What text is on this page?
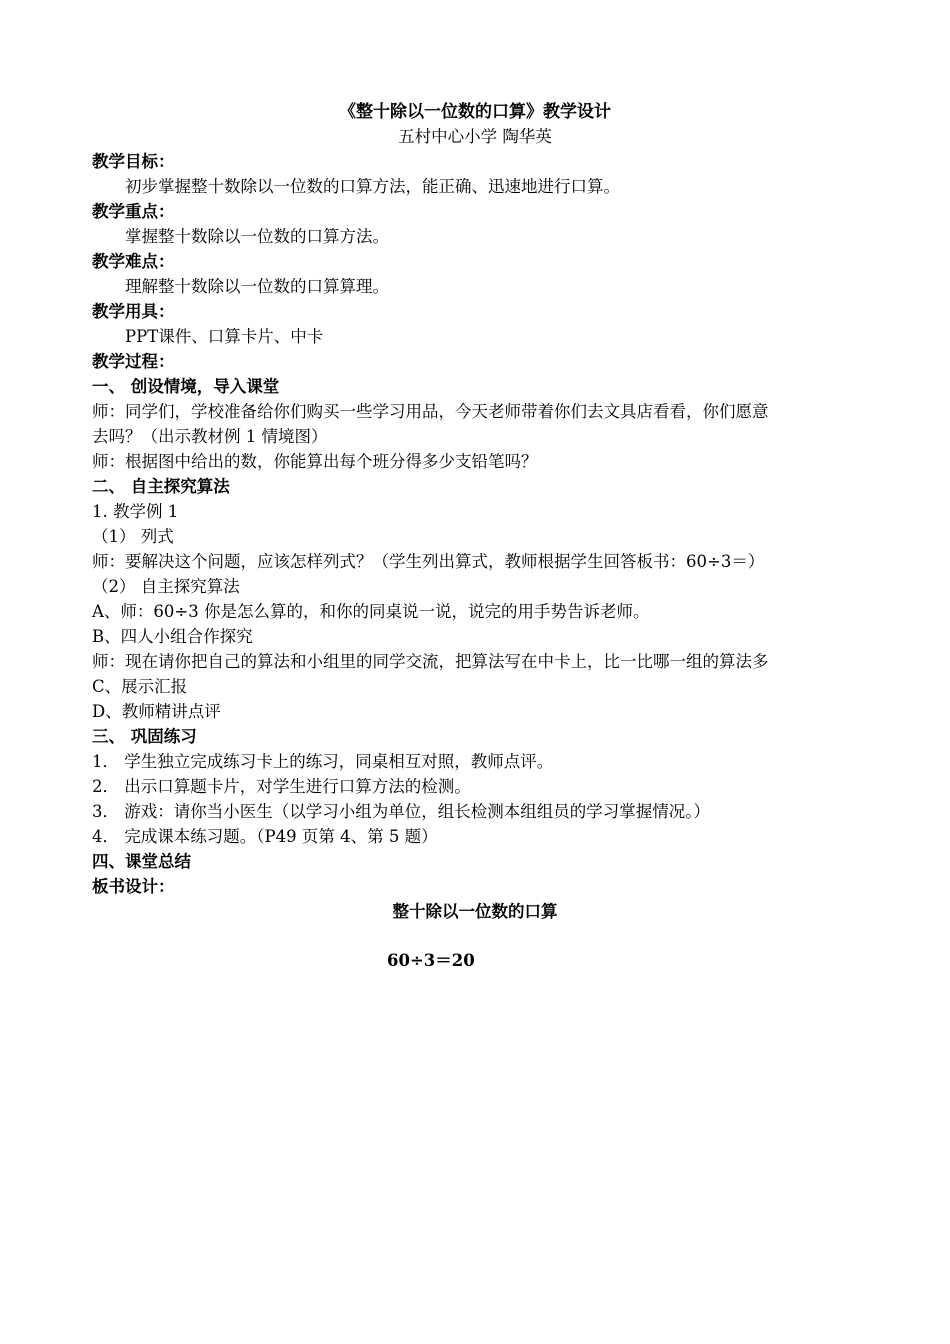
《整十除以一位数的口算》教学设计
五村中心小学 陶华英
教学目标：
初步掌握整十数除以一位数的口算方法，能正确、迅速地进行口算。
教学重点：
掌握整十数除以一位数的口算方法。
教学难点：
理解整十数除以一位数的口算算理。
教学用具：
PPT课件、口算卡片、中卡
教学过程：
一、 创设情境，导入课堂
师：同学们，学校准备给你们购买一些学习用品，今天老师带着你们去文具店看看，你们愿意
去吗？（出示教材例 1 情境图）
师：根据图中给出的数，你能算出每个班分得多少支铅笔吗？
二、 自主探究算法
1. 教学例 1
（1） 列式
师：要解决这个问题，应该怎样列式？（学生列出算式，教师根据学生回答板书：60÷3＝）
（2） 自主探究算法
A、师：60÷3 你是怎么算的，和你的同桌说一说，说完的用手势告诉老师。
B、四人小组合作探究
师：现在请你把自己的算法和小组里的同学交流，把算法写在中卡上，比一比哪一组的算法多
C、展示汇报
D、教师精讲点评
三、 巩固练习
1． 学生独立完成练习卡上的练习，同桌相互对照，教师点评。
2． 出示口算题卡片，对学生进行口算方法的检测。
3． 游戏：请你当小医生（以学习小组为单位，组长检测本组组员的学习掌握情况。）
4． 完成课本练习题。（P49 页第 4、第 5 题）
四、课堂总结
板书设计：
整十除以一位数的口算
60÷3＝20
